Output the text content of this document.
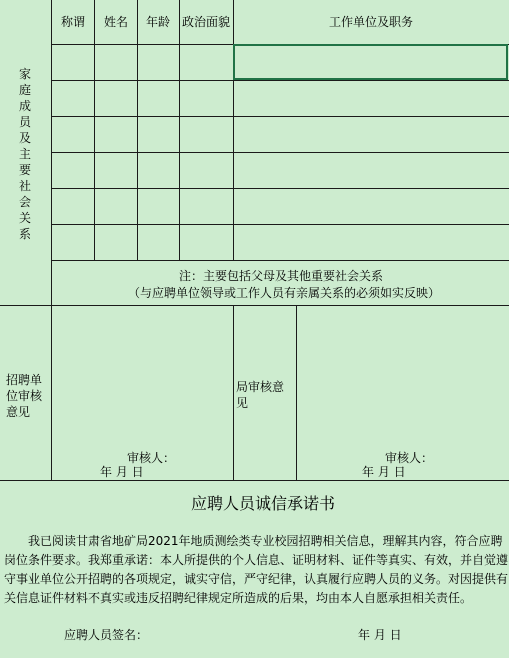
家庭成员及主要社会关系
称谓 姓名 年龄 政治面貌	工作单位及职务
注：主要包括父母及其他重要社会关系
（与应聘单位领导或工作人员有亲属关系的必须如实反映）
招聘单位审核意见
局审核意见
审核人：
年 月 日
审核人：
年 月 日
应聘人员诚信承诺书
我已阅读甘肃省地矿局2021年地质测绘类专业校园招聘相关信息，理解其内容，符合应聘岗位条件要求。我郑重承诺：本人所提供的个人信息、证明材料、证件等真实、有效，并自觉遵守事业单位公开招聘的各项规定，诚实守信，严守纪律，认真履行应聘人员的义务。对因提供有关信息证件材料不真实或违反招聘纪律规定所造成的后果，均由本人自愿承担相关责任。
应聘人员签名：	年 月 日
